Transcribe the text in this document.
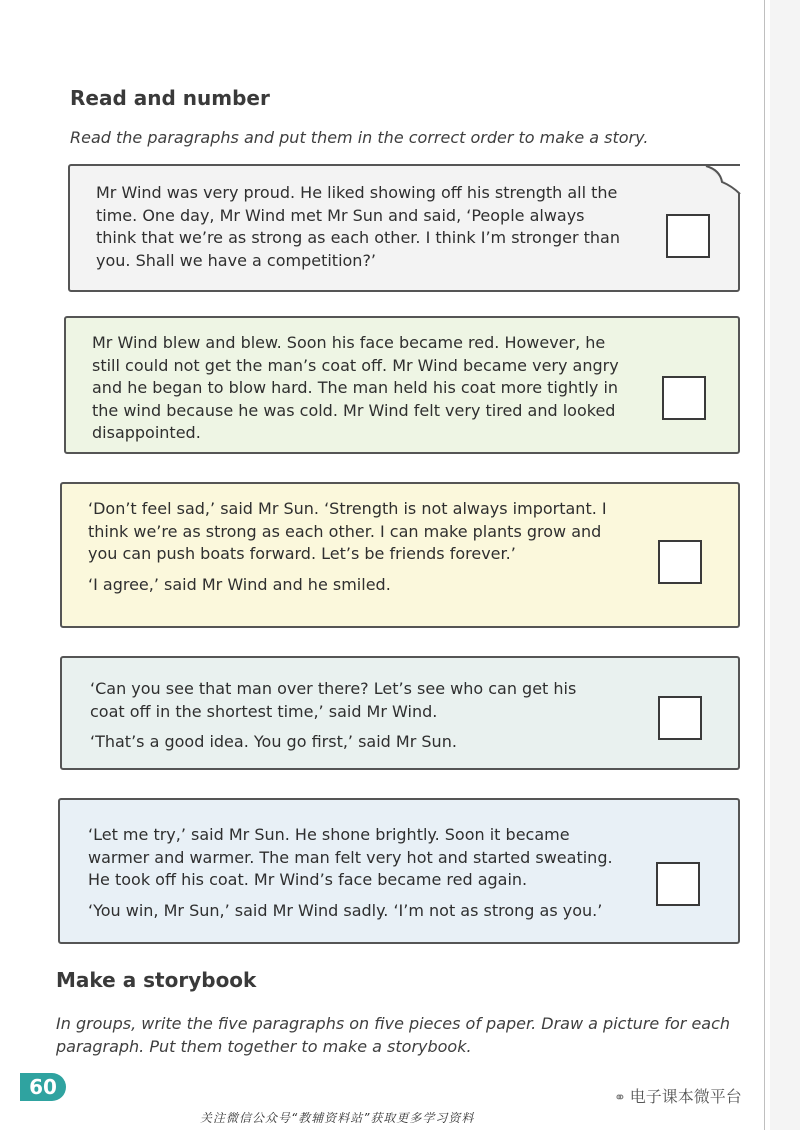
Read and number

Read the paragraphs and put them in the correct order to make a story.

Mr Wind was very proud. He liked showing off his strength all the time. One day, Mr Wind met Mr Sun and said, ‘People always think that we’re as strong as each other. I think I’m stronger than you. Shall we have a competition?’

Mr Wind blew and blew. Soon his face became red. However, he still could not get the man’s coat off. Mr Wind became very angry and he began to blow hard. The man held his coat more tightly in the wind because he was cold. Mr Wind felt very tired and looked disappointed.

‘Don’t feel sad,’ said Mr Sun. ‘Strength is not always important. I think we’re as strong as each other. I can make plants grow and you can push boats forward. Let’s be friends forever.’

‘I agree,’ said Mr Wind and he smiled.

‘Can you see that man over there? Let’s see who can get his coat off in the shortest time,’ said Mr Wind.

‘That’s a good idea. You go first,’ said Mr Sun.

‘Let me try,’ said Mr Sun. He shone brightly. Soon it became warmer and warmer. The man felt very hot and started sweating. He took off his coat. Mr Wind’s face became red again.

‘You win, Mr Sun,’ said Mr Wind sadly. ‘I’m not as strong as you.’

Make a storybook

In groups, write the five paragraphs on five pieces of paper. Draw a picture for each paragraph. Put them together to make a storybook.

60	⚭ 电子课本微平台
关注微信公众号“教辅资料站”获取更多学习资料
